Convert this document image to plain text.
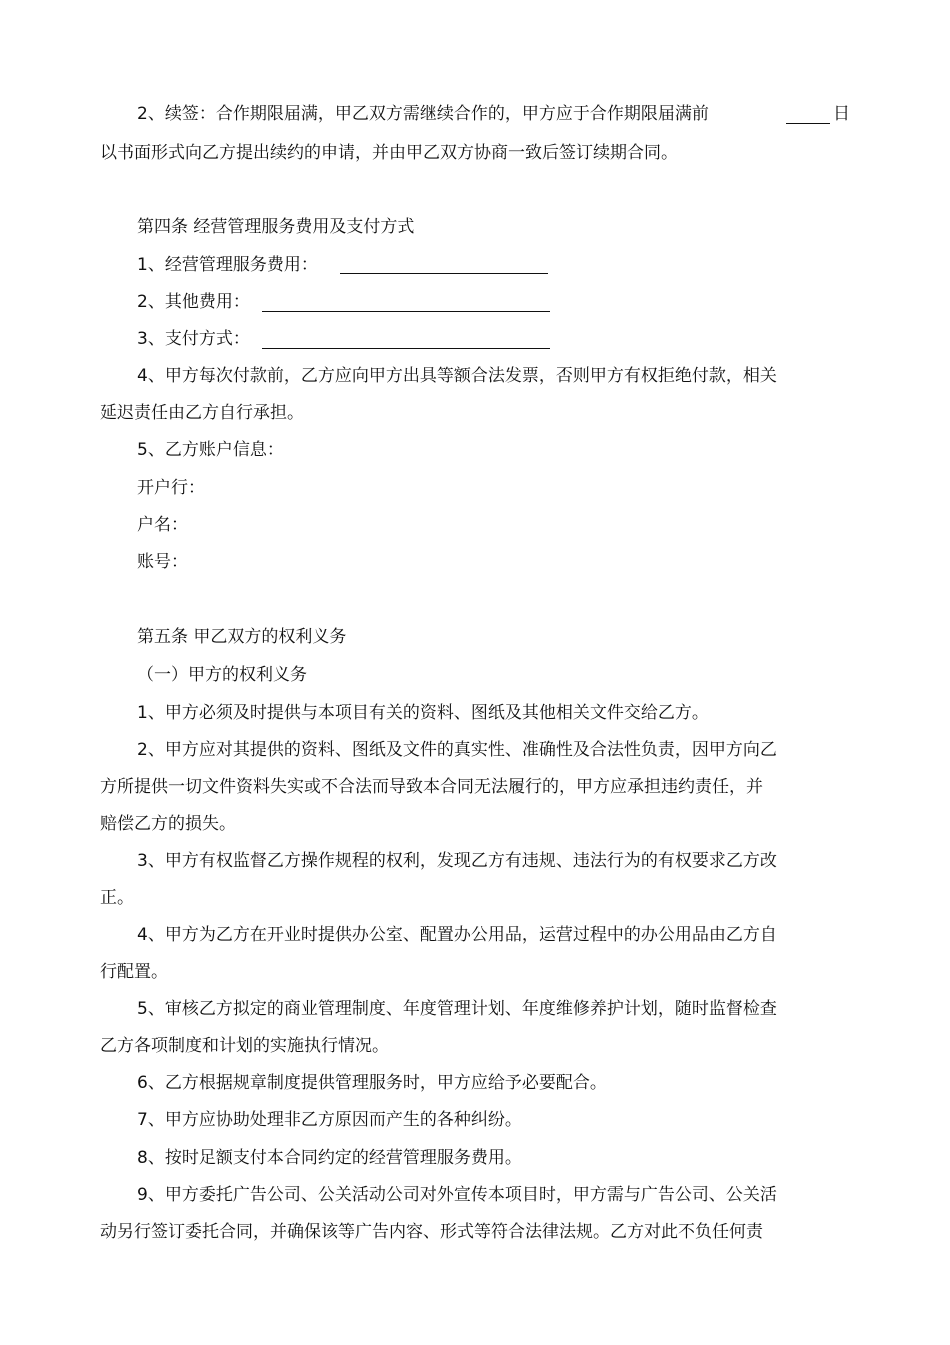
2、续签：合作期限届满，甲乙双方需继续合作的，甲方应于合作期限届满前	日
以书面形式向乙方提出续约的申请，并由甲乙双方协商一致后签订续期合同。
第四条 经营管理服务费用及支付方式
1、经营管理服务费用：
2、其他费用：
3、支付方式：
4、甲方每次付款前，乙方应向甲方出具等额合法发票，否则甲方有权拒绝付款，相关
延迟责任由乙方自行承担。
5、乙方账户信息：
开户行：
户名：
账号：
第五条 甲乙双方的权利义务
（一）甲方的权利义务
1、甲方必须及时提供与本项目有关的资料、图纸及其他相关文件交给乙方。
2、甲方应对其提供的资料、图纸及文件的真实性、准确性及合法性负责，因甲方向乙
方所提供一切文件资料失实或不合法而导致本合同无法履行的，甲方应承担违约责任，并
赔偿乙方的损失。
3、甲方有权监督乙方操作规程的权利，发现乙方有违规、违法行为的有权要求乙方改
正。
4、甲方为乙方在开业时提供办公室、配置办公用品，运营过程中的办公用品由乙方自
行配置。
5、审核乙方拟定的商业管理制度、年度管理计划、年度维修养护计划，随时监督检查
乙方各项制度和计划的实施执行情况。
6、乙方根据规章制度提供管理服务时，甲方应给予必要配合。
7、甲方应协助处理非乙方原因而产生的各种纠纷。
8、按时足额支付本合同约定的经营管理服务费用。
9、甲方委托广告公司、公关活动公司对外宣传本项目时，甲方需与广告公司、公关活
动另行签订委托合同，并确保该等广告内容、形式等符合法律法规。乙方对此不负任何责
